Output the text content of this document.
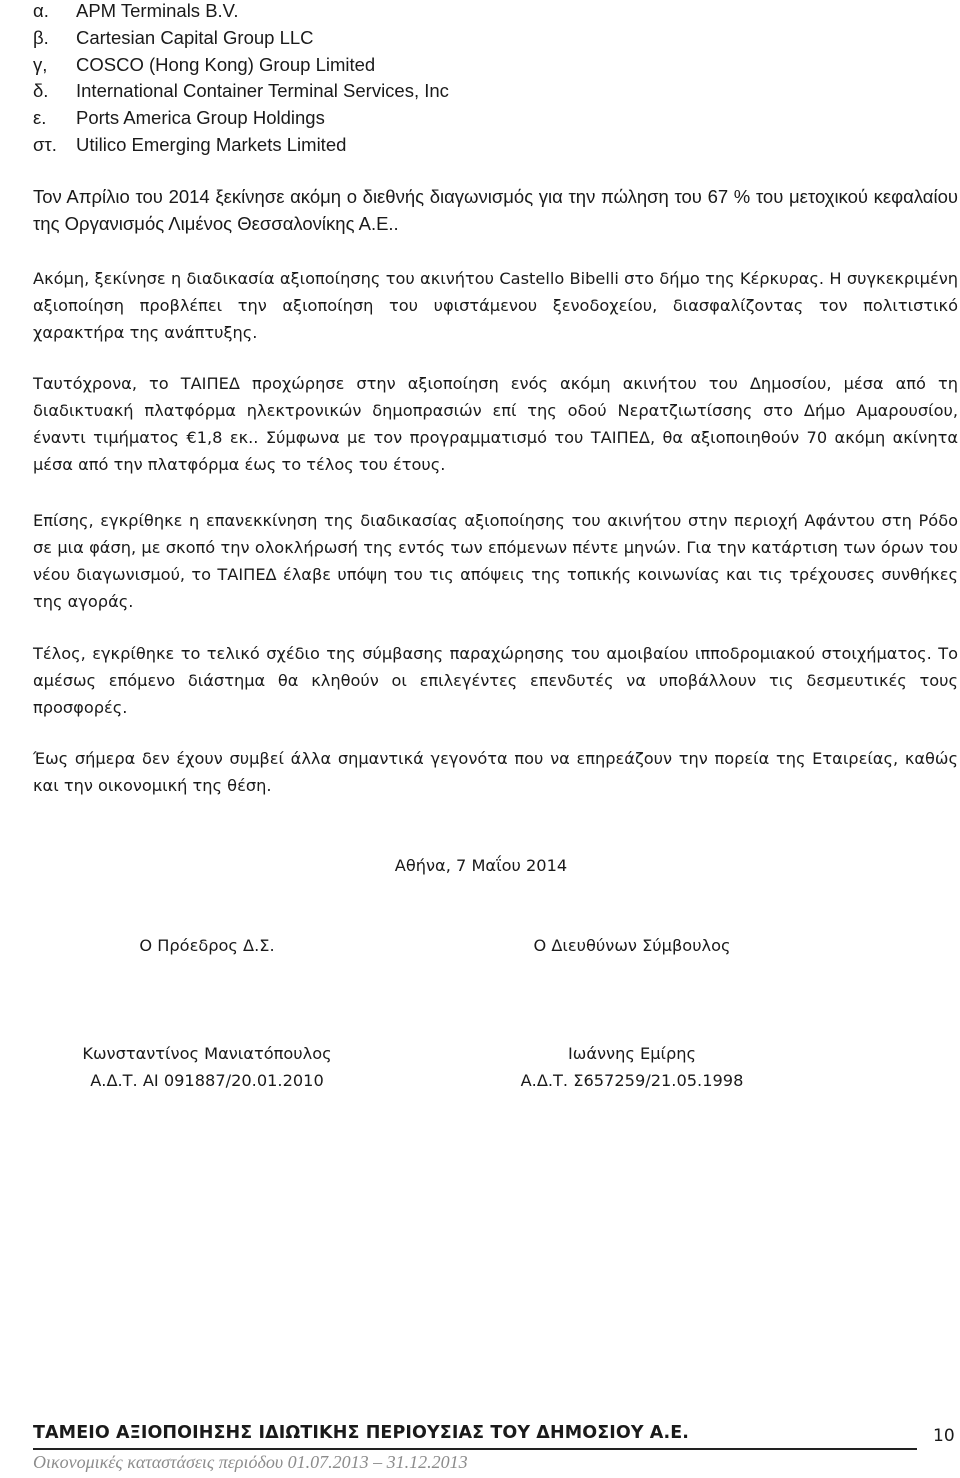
α. APM Terminals B.V.
β. Cartesian Capital Group LLC
γ, COSCO (Hong Kong) Group Limited
δ. International Container Terminal Services, Inc
ε. Ports America Group Holdings
στ. Utilico Emerging Markets Limited

Τον Απρίλιο του 2014 ξεκίνησε ακόμη ο διεθνής διαγωνισμός για την πώληση του 67 % του μετοχικού κεφαλαίου της Οργανισμός Λιμένος Θεσσαλονίκης Α.Ε..

Ακόμη, ξεκίνησε η διαδικασία αξιοποίησης του ακινήτου Castello Bibelli στο δήμο της Κέρκυρας. Η συγκεκριμένη αξιοποίηση προβλέπει την αξιοποίηση του υφιστάμενου ξενοδοχείου, διασφαλίζοντας τον πολιτιστικό χαρακτήρα της ανάπτυξης.

Ταυτόχρονα, το ΤΑΙΠΕΔ προχώρησε στην αξιοποίηση ενός ακόμη ακινήτου του Δημοσίου, μέσα από τη διαδικτυακή πλατφόρμα ηλεκτρονικών δημοπρασιών επί της οδού Νερατζιωτίσσης στο Δήμο Αμαρουσίου, έναντι τιμήματος €1,8 εκ.. Σύμφωνα με τον προγραμματισμό του ΤΑΙΠΕΔ, θα αξιοποιηθούν 70 ακόμη ακίνητα μέσα από την πλατφόρμα έως το τέλος του έτους.

Επίσης, εγκρίθηκε η επανεκκίνηση της διαδικασίας αξιοποίησης του ακινήτου στην περιοχή Αφάντου στη Ρόδο σε μια φάση, με σκοπό την ολοκλήρωσή της εντός των επόμενων πέντε μηνών. Για την κατάρτιση των όρων του νέου διαγωνισμού, το ΤΑΙΠΕΔ έλαβε υπόψη του τις απόψεις της τοπικής κοινωνίας και τις τρέχουσες συνθήκες της αγοράς.

Τέλος, εγκρίθηκε το τελικό σχέδιο της σύμβασης παραχώρησης του αμοιβαίου ιπποδρομιακού στοιχήματος. Το αμέσως επόμενο διάστημα θα κληθούν οι επιλεγέντες επενδυτές να υποβάλλουν τις δεσμευτικές τους προσφορές.

Έως σήμερα δεν έχουν συμβεί άλλα σημαντικά γεγονότα που να επηρεάζουν την πορεία της Εταιρείας, καθώς και την οικονομική της θέση.

Αθήνα, 7 Μαΐου 2014
Ο Πρόεδρος Δ.Σ.	Ο Διευθύνων Σύμβουλος
Κωνσταντίνος Μανιατόπουλος
Α.Δ.Τ. ΑΙ 091887/20.01.2010
Ιωάννης Εμίρης
Α.Δ.Τ. Σ657259/21.05.1998
ΤΑΜΕΙΟ ΑΞΙΟΠΟΙΗΣΗΣ ΙΔΙΩΤΙΚΗΣ ΠΕΡΙΟΥΣΙΑΣ ΤΟΥ ΔΗΜΟΣΙΟΥ Α.Ε.	10
Οικονομικές καταστάσεις περιόδου 01.07.2013 – 31.12.2013
